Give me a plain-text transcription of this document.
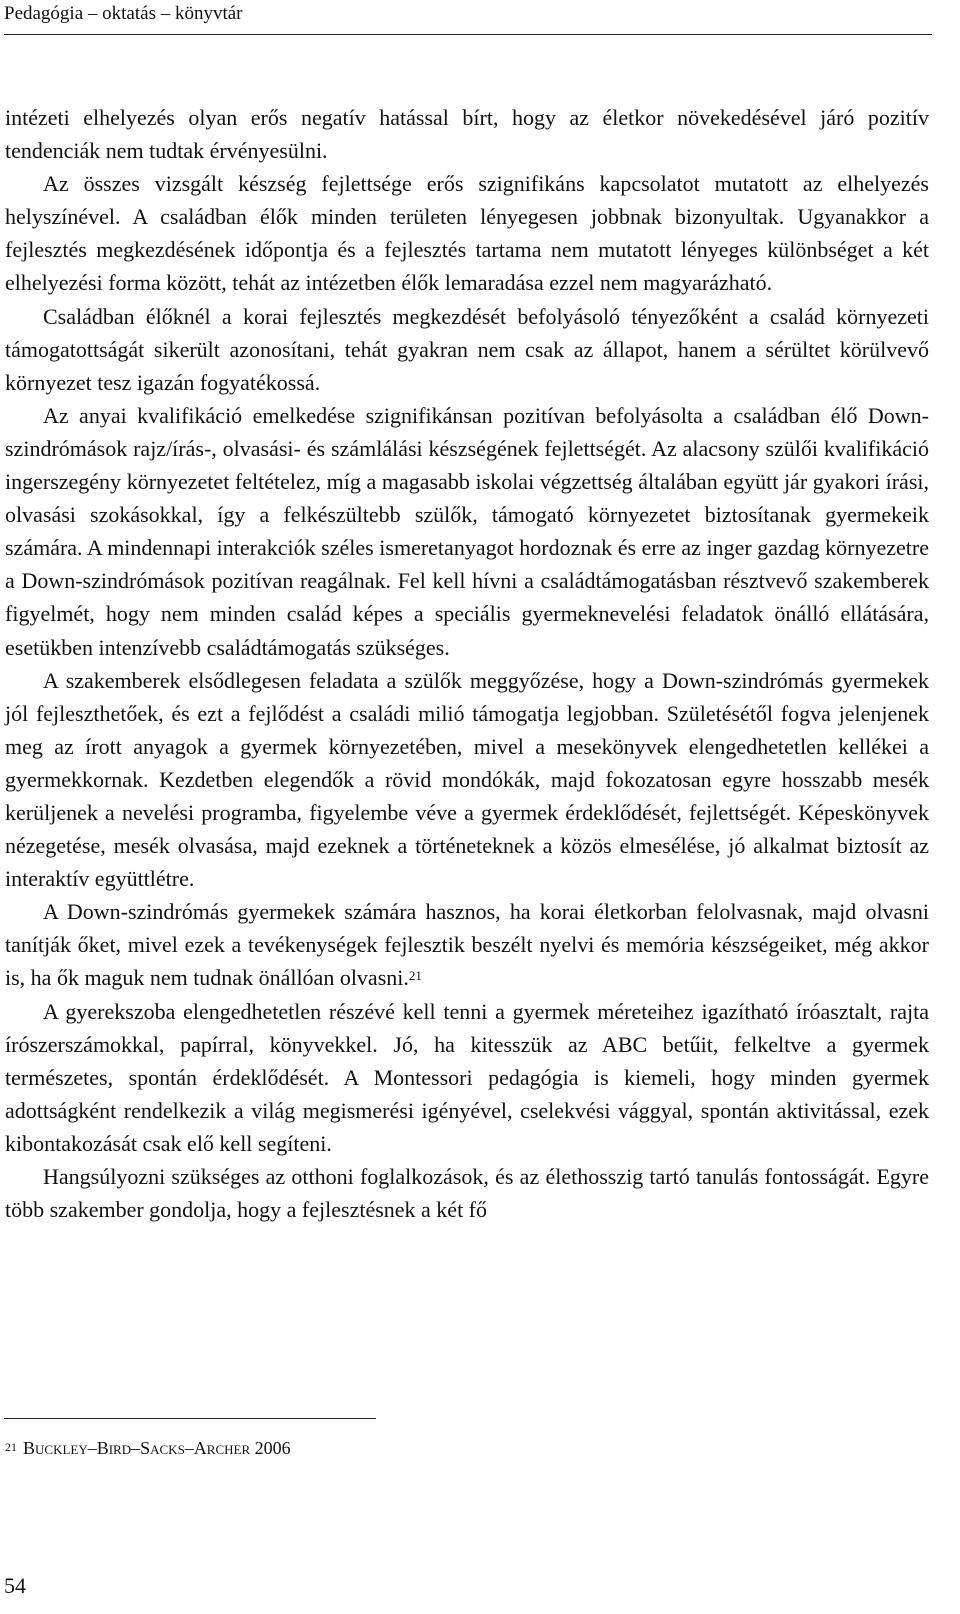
Pedagógia – oktatás – könyvtár

intézeti elhelyezés olyan erős negatív hatással bírt, hogy az életkor növekedésével járó pozitív tendenciák nem tudtak érvényesülni.

Az összes vizsgált készség fejlettsége erős szignifikáns kapcsolatot mutatott az elhelyezés helyszínével. A családban élők minden területen lényegesen jobbnak bizonyultak. Ugyanakkor a fejlesztés megkezdésének időpontja és a fejlesztés tartama nem mutatott lényeges különbséget a két elhelyezési forma között, tehát az intézetben élők lemaradása ezzel nem magyarázható.

Családban élőknél a korai fejlesztés megkezdését befolyásoló tényezőként a család környezeti támogatottságát sikerült azonosítani, tehát gyakran nem csak az állapot, hanem a sérültet körülvevő környezet tesz igazán fogyatékossá.

Az anyai kvalifikáció emelkedése szignifikánsan pozitívan befolyásolta a családban élő Down-szindrómások rajz/írás-, olvasási- és számlálási készségének fejlettségét. Az alacsony szülői kvalifikáció ingerszegény környezetet feltételez, míg a magasabb iskolai végzettség általában együtt jár gyakori írási, olvasási szokásokkal, így a felkészültebb szülők, támogató környezetet biztosítanak gyermekeik számára. A mindennapi interakciók széles ismeretanyagot hordoznak és erre az inger gazdag környezetre a Down-szindrómások pozitívan reagálnak. Fel kell hívni a családtámogatásban résztvevő szakemberek figyelmét, hogy nem minden család képes a speciális gyermeknevelési feladatok önálló ellátására, esetükben intenzívebb családtámogatás szükséges.

A szakemberek elsődlegesen feladata a szülők meggyőzése, hogy a Down-szindrómás gyermekek jól fejleszthetőek, és ezt a fejlődést a családi milió támogatja legjobban. Születésétől fogva jelenjenek meg az írott anyagok a gyermek környezetében, mivel a mesekönyvek elengedhetetlen kellékei a gyermekkornak. Kezdetben elegendők a rövid mondókák, majd fokozatosan egyre hosszabb mesék kerüljenek a nevelési programba, figyelembe véve a gyermek érdeklődését, fejlettségét. Képeskönyvek nézegetése, mesék olvasása, majd ezeknek a történeteknek a közös elmesélése, jó alkalmat biztosít az interaktív együttlétre.

A Down-szindrómás gyermekek számára hasznos, ha korai életkorban felolvasnak, majd olvasni tanítják őket, mivel ezek a tevékenységek fejlesztik beszélt nyelvi és memória készségeiket, még akkor is, ha ők maguk nem tudnak önállóan olvasni.$^{21}$

A gyerekszoba elengedhetetlen részévé kell tenni a gyermek méreteihez igazítható íróasztalt, rajta írószerszámokkal, papírral, könyvekkel. Jó, ha kitesszük az ABC betűit, felkeltve a gyermek természetes, spontán érdeklődését. A Montessori pedagógia is kiemeli, hogy minden gyermek adottságként rendelkezik a világ megismerési igényével, cselekvési vággyal, spontán aktivitással, ezek kibontakozását csak elő kell segíteni.

Hangsúlyozni szükséges az otthoni foglalkozások, és az élethosszig tartó tanulás fontosságát. Egyre több szakember gondolja, hogy a fejlesztésnek a két fő

$^{21}$ Buckley–Bird–Sacks–Archer 2006
54
